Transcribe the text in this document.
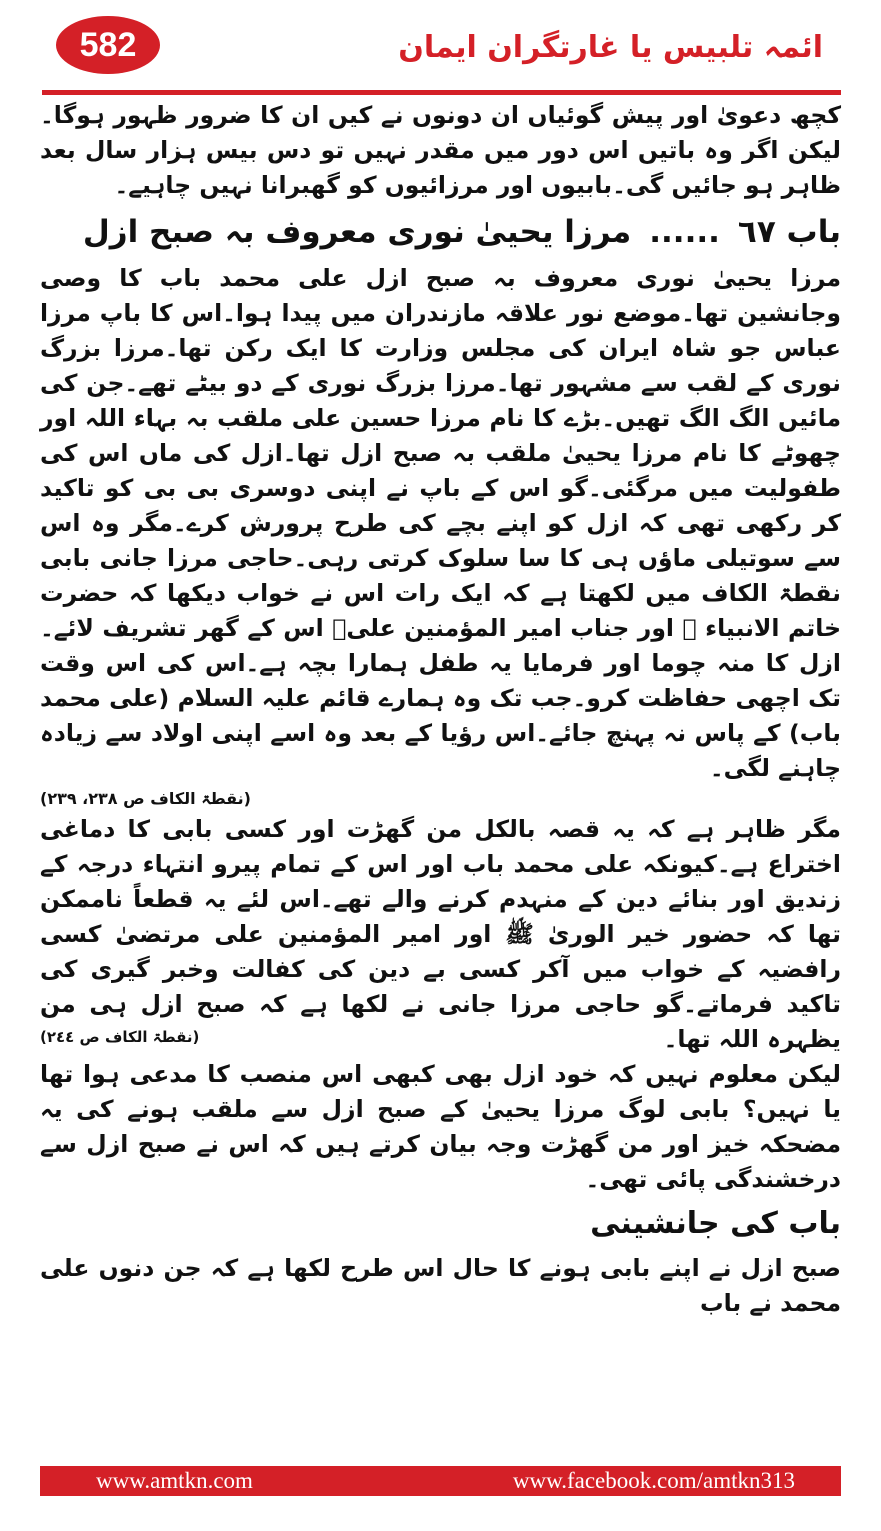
582	ائمہ تلبیس یا غارتگران ایمان

کچھ دعویٰ اور پیش گوئیاں ان دونوں نے کیں ان کا ضرور ظہور ہوگا۔لیکن اگر وہ باتیں اس دور میں مقدر نہیں تو دس بیس ہزار سال بعد ظاہر ہو جائیں گی۔بابیوں اور مرزائیوں کو گھبرانا نہیں چاہیے۔

باب ٦٧......مرزا یحییٰ نوری معروف بہ صبح ازل

مرزا یحییٰ نوری معروف بہ صبح ازل علی محمد باب کا وصی وجانشین تھا۔موضع نور علاقہ مازندران میں پیدا ہوا۔اس کا باپ مرزا عباس جو شاہ ایران کی مجلس وزارت کا ایک رکن تھا۔مرزا بزرگ نوری کے لقب سے مشہور تھا۔مرزا بزرگ نوری کے دو بیٹے تھے۔جن کی مائیں الگ الگ تھیں۔بڑے کا نام مرزا حسین علی ملقب بہ بہاء اللہ اور چھوٹے کا نام مرزا یحییٰ ملقب بہ صبح ازل تھا۔ازل کی ماں اس کی طفولیت میں مرگئی۔گو اس کے باپ نے اپنی دوسری بی بی کو تاکید کر رکھی تھی کہ ازل کو اپنے بچے کی طرح پرورش کرے۔مگر وہ اس سے سوتیلی ماؤں ہی کا سا سلوک کرتی رہی۔حاجی مرزا جانی بابی نقطۃ الکاف میں لکھتا ہے کہ ایک رات اس نے خواب دیکھا کہ حضرت خاتم الانبیاء ﷺ اور جناب امیر المؤمنین علیؑ اس کے گھر تشریف لائے۔ازل کا منہ چوما اور فرمایا یہ طفل ہمارا بچہ ہے۔اس کی اس وقت تک اچھی حفاظت کرو۔جب تک وہ ہمارے قائم علیہ السلام (علی محمد باب) کے پاس نہ پہنچ جائے۔اس رؤیا کے بعد وہ اسے اپنی اولاد سے زیادہ چاہنے لگی۔

(نقطۃ الکاف ص ٢٣٨، ٢٣٩)

مگر ظاہر ہے کہ یہ قصہ بالکل من گھڑت اور کسی بابی کا دماغی اختراع ہے۔کیونکہ علی محمد باب اور اس کے تمام پیرو انتہاء درجہ کے زندیق اور بنائے دین کے منہدم کرنے والے تھے۔اس لئے یہ قطعاً ناممکن تھا کہ حضور خیر الوریٰ ﷺ اور امیر المؤمنین علی مرتضیٰ کسی رافضیہ کے خواب میں آکر کسی بے دین کی کفالت وخبر گیری کی تاکید فرماتے۔گو حاجی مرزا جانی نے لکھا ہے کہ صبح ازل ہی من یظہرہ اللہ تھا۔
(نقطۃ الکاف ص ٢٤٤)

لیکن معلوم نہیں کہ خود ازل بھی کبھی اس منصب کا مدعی ہوا تھا یا نہیں؟ بابی لوگ مرزا یحییٰ کے صبح ازل سے ملقب ہونے کی یہ مضحکہ خیز اور من گھڑت وجہ بیان کرتے ہیں کہ اس نے صبح ازل سے درخشندگی پائی تھی۔

باب کی جانشینی

صبح ازل نے اپنے بابی ہونے کا حال اس طرح لکھا ہے کہ جن دنوں علی محمد نے باب

www.amtkn.com	www.facebook.com/amtkn313
